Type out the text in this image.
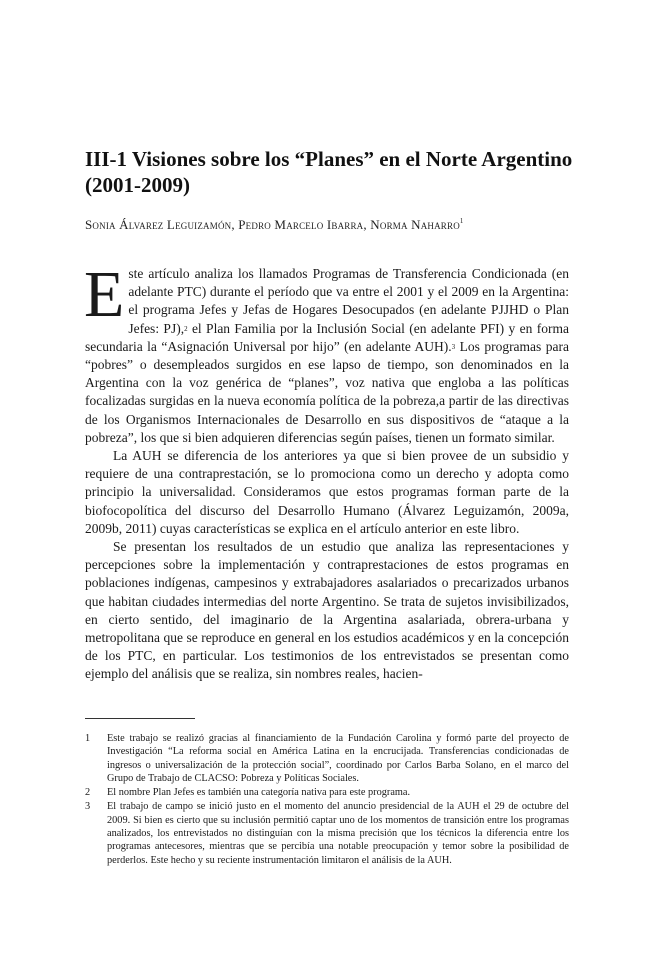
III-1 Visiones sobre los “Planes” en el Norte Argentino (2001-2009)
Sonia Álvarez Leguizamón, Pedro Marcelo Ibarra, Norma Naharro$^1$

Este artículo analiza los llamados Programas de Transferencia Condicionada (en adelante PTC) durante el período que va entre el 2001 y el 2009 en la Argentina: el programa Jefes y Jefas de Hogares Desocupados (en adelante PJJHD o Plan Jefes: PJ),$^2$ el Plan Familia por la Inclusión Social (en adelante PFI) y en forma secundaria la “Asignación Universal por hijo” (en adelante AUH).$^3$ Los programas para “pobres” o desempleados surgidos en ese lapso de tiempo, son denominados en la Argentina con la voz genérica de “planes”, voz nativa que engloba a las políticas focalizadas surgidas en la nueva economía política de la pobreza,a partir de las directivas de los Organismos Internacionales de Desarrollo en sus dispositivos de “ataque a la pobreza”, los que si bien adquieren diferencias según países, tienen un formato similar.

La AUH se diferencia de los anteriores ya que si bien provee de un subsidio y requiere de una contraprestación, se lo promociona como un derecho y adopta como principio la universalidad. Consideramos que estos programas forman parte de la biofocopolítica del discurso del Desarrollo Humano (Álvarez Leguizamón, 2009a, 2009b, 2011) cuyas características se explica en el artículo anterior en este libro.

Se presentan los resultados de un estudio que analiza las representaciones y percepciones sobre la implementación y contraprestaciones de estos programas en poblaciones indígenas, campesinos y extrabajadores asalariados o precarizados urbanos que habitan ciudades intermedias del norte Argentino. Se trata de sujetos invisibilizados, en cierto sentido, del imaginario de la Argentina asalariada, obrera-urbana y metropolitana que se reproduce en general en los estudios académicos y en la concepción de los PTC, en particular. Los testimonios de los entrevistados se presentan como ejemplo del análisis que se realiza, sin nombres reales, hacien-

1	Este trabajo se realizó gracias al financiamiento de la Fundación Carolina y formó parte del proyecto de Investigación “La reforma social en América Latina en la encrucijada. Transferencias condicionadas de ingresos o universalización de la protección social”, coordinado por Carlos Barba Solano, en el marco del Grupo de Trabajo de CLACSO: Pobreza y Políticas Sociales.
2	El nombre Plan Jefes es también una categoría nativa para este programa.
3	El trabajo de campo se inició justo en el momento del anuncio presidencial de la AUH el 29 de octubre del 2009. Si bien es cierto que su inclusión permitió captar uno de los momentos de transición entre los programas analizados, los entrevistados no distinguían con la misma precisión que los técnicos la diferencia entre los programas antecesores, mientras que se percibía una notable preocupación y temor sobre la posibilidad de perderlos. Este hecho y su reciente instrumentación limitaron el análisis de la AUH.
